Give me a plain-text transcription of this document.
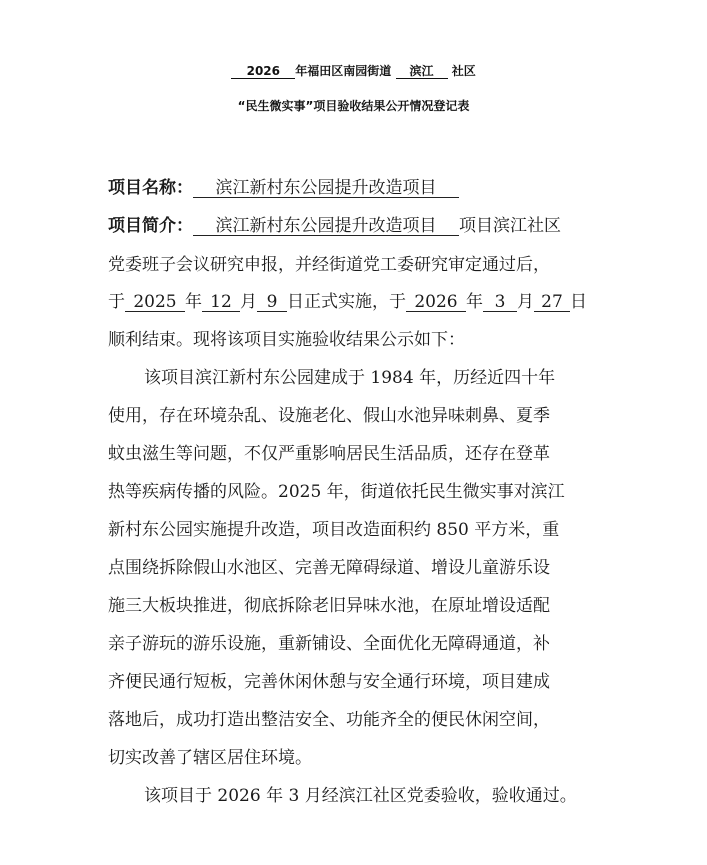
2026 年福田区南园街道 滨江 社区
“民生微实事”项目验收结果公开情况登记表
项目名称： 滨江新村东公园提升改造项目
项目简介： 滨江新村东公园提升改造项目 项目滨江社区
党委班子会议研究申报，并经街道党工委研究审定通过后，
于 2025 年 12 月 9 日正式实施，于 2026 年 3 月 27 日
顺利结束。现将该项目实施验收结果公示如下：
该项目滨江新村东公园建成于 1984 年，历经近四十年
使用，存在环境杂乱、设施老化、假山水池异味刺鼻、夏季
蚊虫滋生等问题，不仅严重影响居民生活品质，还存在登革
热等疾病传播的风险。2025 年，街道依托民生微实事对滨江
新村东公园实施提升改造，项目改造面积约 850 平方米，重
点围绕拆除假山水池区、完善无障碍绿道、增设儿童游乐设
施三大板块推进，彻底拆除老旧异味水池，在原址增设适配
亲子游玩的游乐设施，重新铺设、全面优化无障碍通道，补
齐便民通行短板，完善休闲休憩与安全通行环境，项目建成
落地后，成功打造出整洁安全、功能齐全的便民休闲空间，
切实改善了辖区居住环境。
该项目于 2026 年 3 月经滨江社区党委验收，验收通过。
